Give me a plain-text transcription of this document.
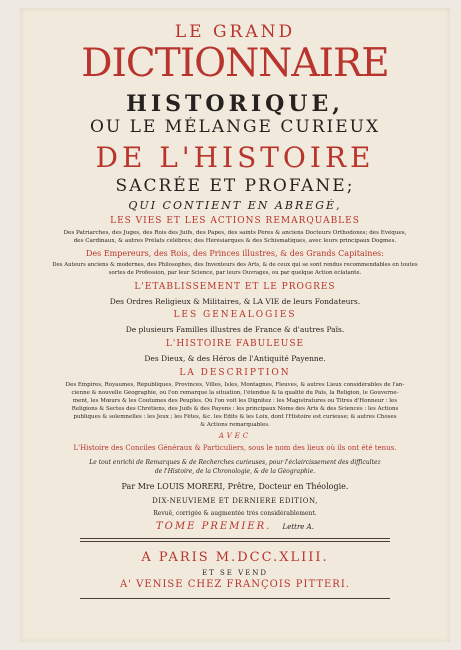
LE GRAND
DICTIONNAIRE
HISTORIQUE,
OU LE MÉLANGE CURIEUX
DE L'HISTOIRE
SACRÉE ET PROFANE;
QUI CONTIENT EN ABREGÉ,
LES VIES ET LES ACTIONS REMARQUABLES
Des Patriarches, des Juges, des Rois des Juifs, des Papes, des saints Pères & anciens Docteurs Orthodoxes; des Evêques,
des Cardinaux, & autres Prélats célèbres; des Hérésiarques & des Schismatiques, avec leurs principaux Dogmes.
Des Empereurs, des Rois, des Princes illustres, & des Grands Capitaines:
Des Auteurs anciens & modernes, des Philosophes, des Inventeurs des Arts, & de ceux qui se sont rendus recommendables en toutes
sortes de Profession, par leur Science, par leurs Ouvrages, ou par quelque Action éclatante.
L'ETABLISSEMENT ET LE PROGRÈS
Des Ordres Religieux & Militaires, & LA VIE de leurs Fondateurs.
LES GÉNÉALOGIES
De plusieurs Familles illustres de France & d'autres Païs.
L'HISTOIRE FABULEUSE
Des Dieux, & des Héros de l'Antiquité Payenne.
LA DESCRIPTION
Des Empires, Royaumes, Républiques, Provinces, Villes, Isles, Montagnes, Fleuves, & autres Lieux considérables de l'an-
cienne & nouvelle Géographie, où l'on remarque la situation, l'étendue & la qualité du Païs, la Religion, le Gouverne-
ment, les Mœurs & les Coutumes des Peuples. Où l'on voit les Dignitez : les Magistratures ou Titres d'Honneur : les
Religions & Sectes des Chrétiens, des Juifs & des Payens : les principaux Noms des Arts & des Sciences : les Actions
publiques & solemnelles : les Jeux ; les Fêtes, &c. les Edits & les Loix, dont l'Histoire est curieuse; & autres Choses
& Actions remarquables.
AVEC
L'Histoire des Conciles Généraux & Particuliers, sous le nom des lieux où ils ont été tenus.
Le tout enrichi de Remarques & de Recherches curieuses, pour l'éclaircissement des difficultez
de l'Histoire, de la Chronologie, & de la Géographie.
Par Mre LOUIS MORERI, Prêtre, Docteur en Théologie.
DIX-NEUVIÈME ET DERNIÈRE EDITION,
Revuë, corrigée & augmentée très considérablement.
TOME PREMIER. Lettre A.
A PARIS M.DCC.XLIII.
ET SE VEND
A' VENISE CHEZ FRANÇOIS PITTERI.
